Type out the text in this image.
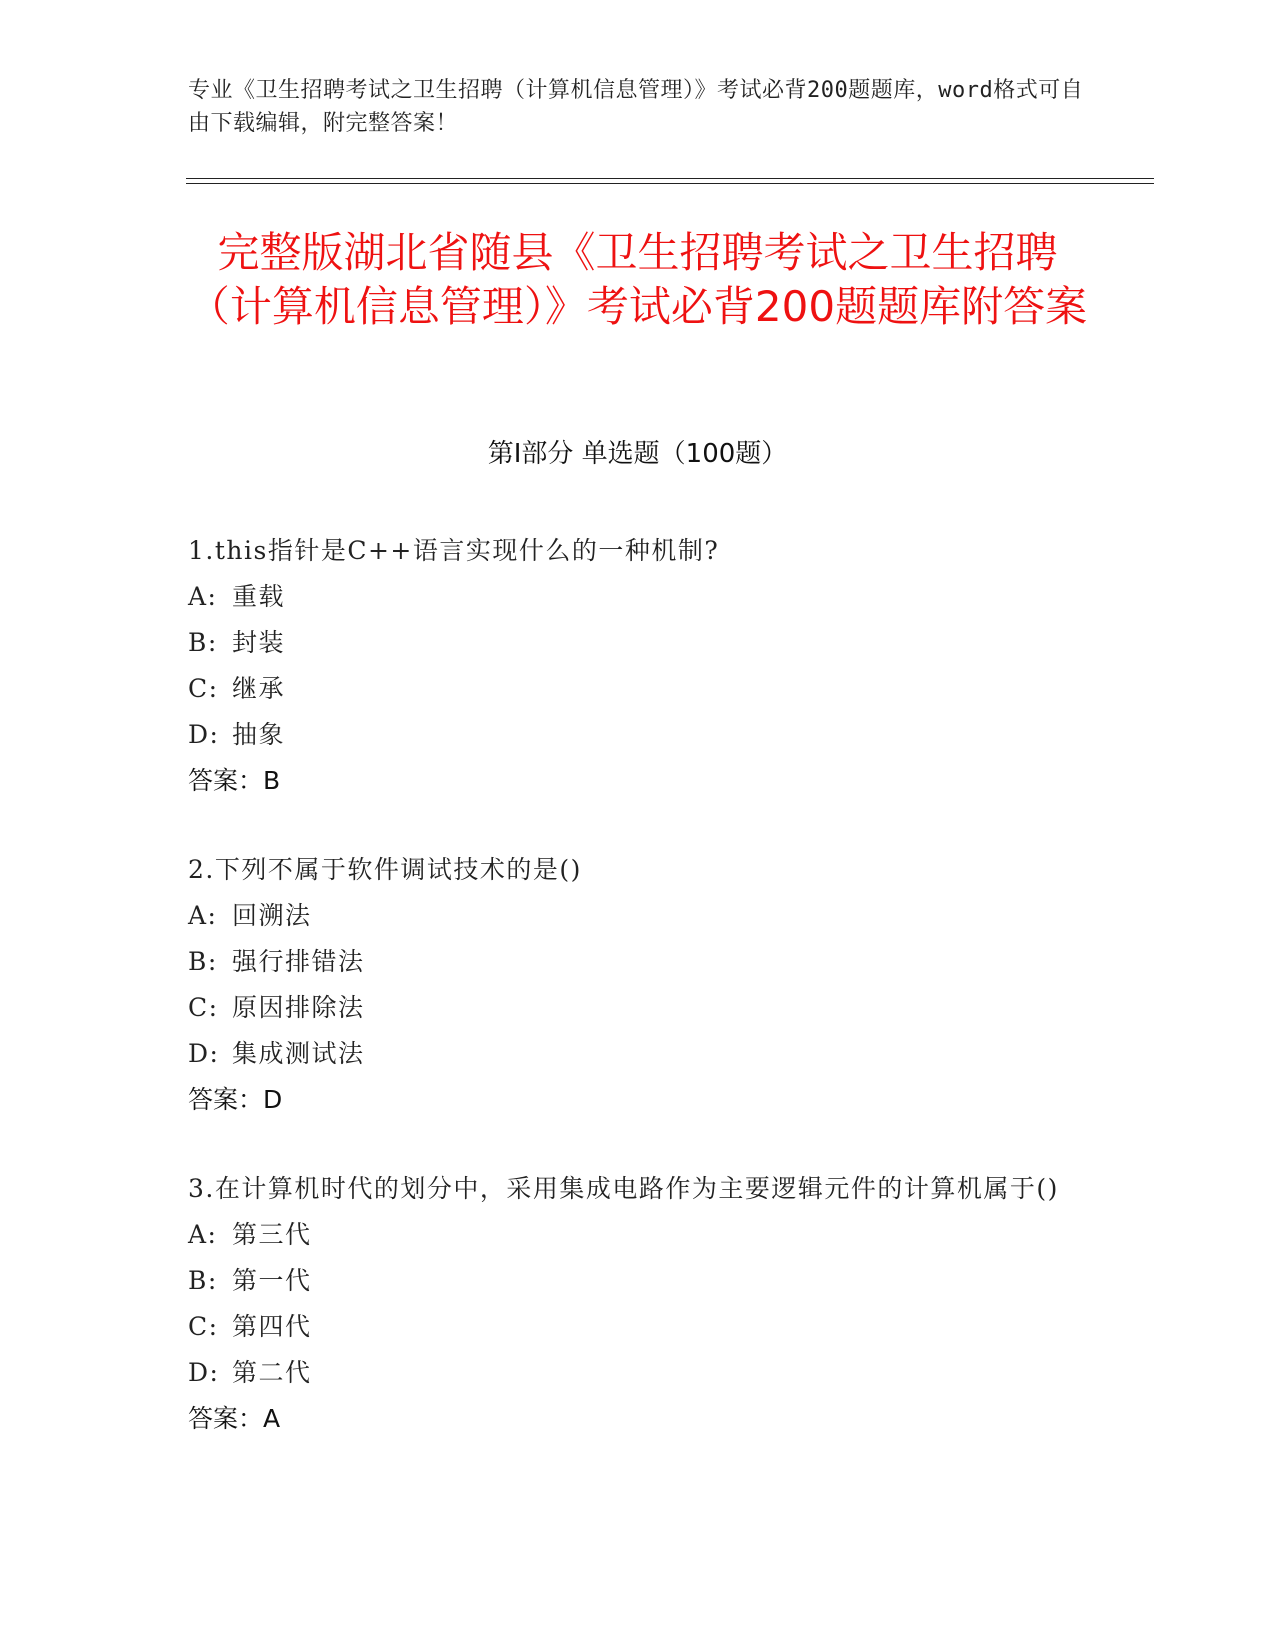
专业《卫生招聘考试之卫生招聘（计算机信息管理）》考试必背200题题库，word格式可自由下载编辑，附完整答案！
完整版湖北省随县《卫生招聘考试之卫生招聘（计算机信息管理）》考试必背200题题库附答案
第Ⅰ部分 单选题（100题）
1.this指针是C++语言实现什么的一种机制?
A: 重载
B: 封装
C: 继承
D: 抽象
答案：B
2.下列不属于软件调试技术的是()
A: 回溯法
B: 强行排错法
C: 原因排除法
D: 集成测试法
答案：D
3.在计算机时代的划分中，采用集成电路作为主要逻辑元件的计算机属于()
A: 第三代
B: 第一代
C: 第四代
D: 第二代
答案：A
